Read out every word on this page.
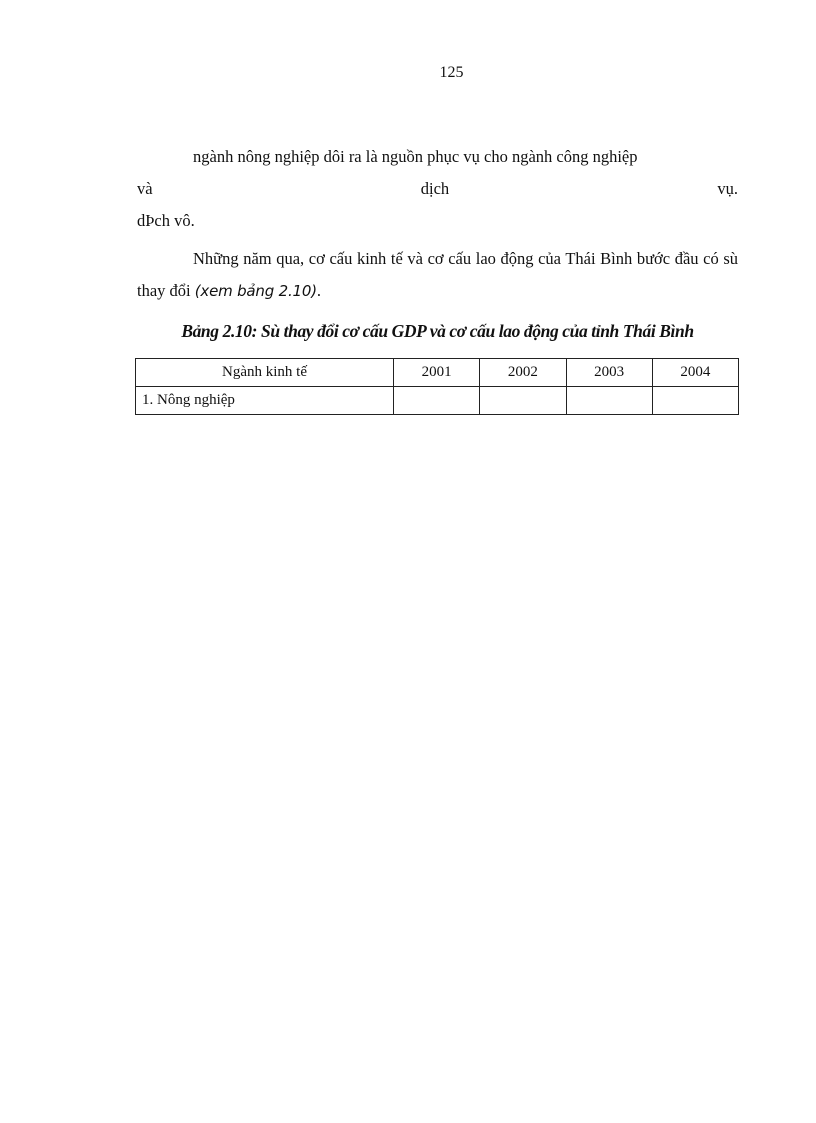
125

ngành nông nghiệp dôi ra là nguồn phục vụ cho ngành công nghiệp

và	dịch	vụ.

dÞch vô.

Những năm qua, cơ cấu kinh tế và cơ cấu lao động của Thái Bình bước đầu có sù thay đổi (xem bảng 2.10).

Bảng 2.10: Sù thay đổi cơ cấu GDP và cơ cấu lao động của tỉnh Thái Bình
Ngành kinh tế	2001	2002	2003	2004
1. Nông nghiệp				
